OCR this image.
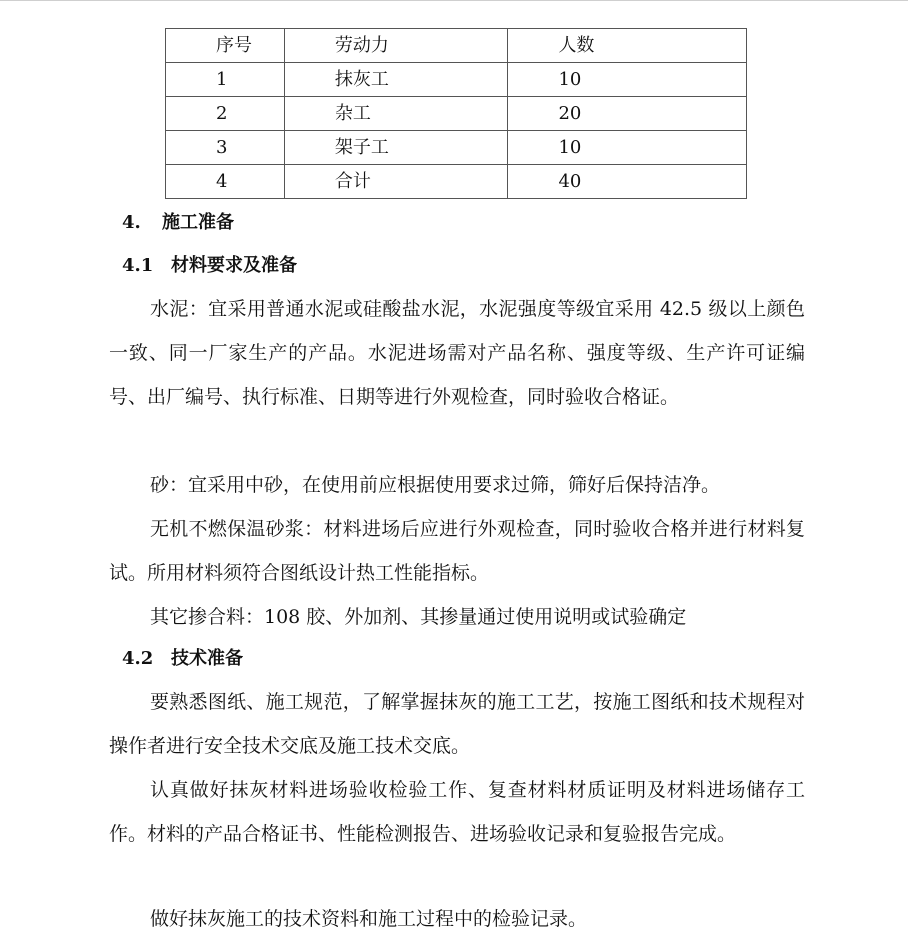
序号	劳动力	人数
1	抹灰工	10
2	杂工	20
3	架子工	10
4	合计	40
4. 施工准备
4.1 材料要求及准备

水泥：宜采用普通水泥或硅酸盐水泥，水泥强度等级宜采用 42.5 级以上颜色一致、同一厂家生产的产品。水泥进场需对产品名称、强度等级、生产许可证编号、出厂编号、执行标准、日期等进行外观检查，同时验收合格证。

砂：宜采用中砂，在使用前应根据使用要求过筛，筛好后保持洁净。

无机不燃保温砂浆：材料进场后应进行外观检查，同时验收合格并进行材料复试。所用材料须符合图纸设计热工性能指标。

其它掺合料：108 胶、外加剂、其掺量通过使用说明或试验确定

4.2 技术准备

要熟悉图纸、施工规范，了解掌握抹灰的施工工艺，按施工图纸和技术规程对操作者进行安全技术交底及施工技术交底。

认真做好抹灰材料进场验收检验工作、复查材料材质证明及材料进场储存工作。材料的产品合格证书、性能检测报告、进场验收记录和复验报告完成。

做好抹灰施工的技术资料和施工过程中的检验记录。
